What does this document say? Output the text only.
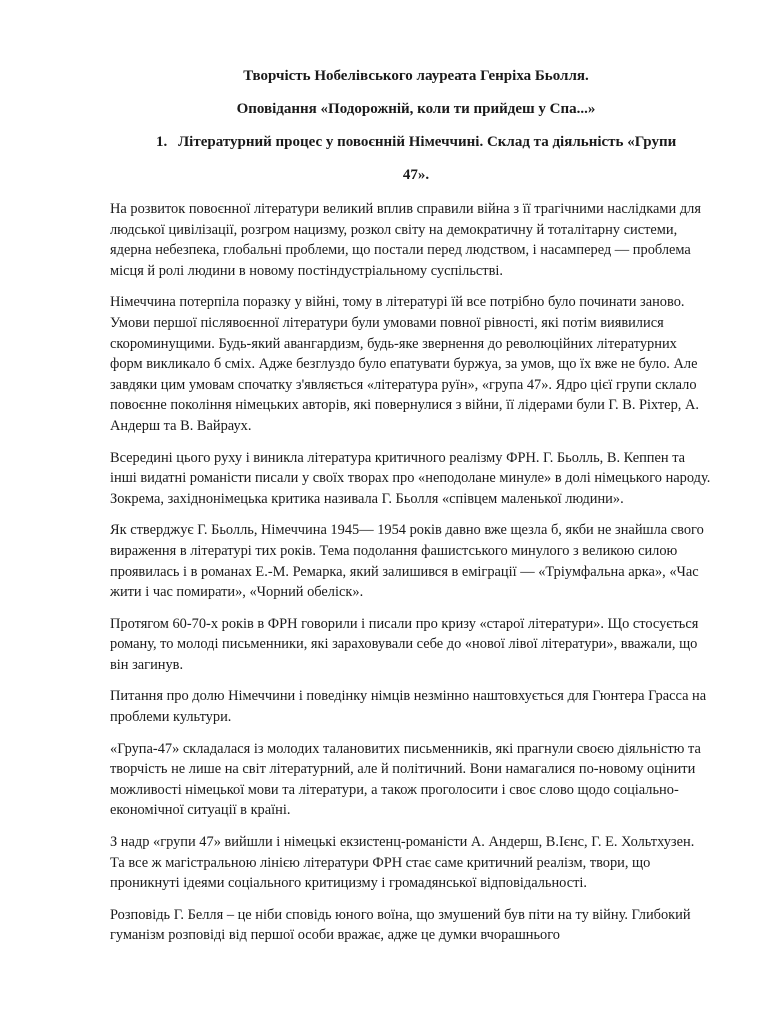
Творчість Нобелівського лауреата Генріха Бьолля.

Оповідання «Подорожній, коли ти прийдеш у Спа...»

1. Літературний процес у повоєнній Німеччині. Склад та діяльність «Групи

47».

На розвиток повоєнної літератури великий вплив справили війна з її трагічними наслідками для людської цивілізації, розгром нацизму, розкол світу на демократичну й тоталітарну системи, ядерна небезпека, глобальні проблеми, що постали перед людством, і насамперед — проблема місця й ролі людини в новому постіндустріальному суспільстві.

Німеччина потерпіла поразку у війні, тому в літературі їй все потрібно було починати заново. Умови першої післявоєнної літератури були умовами повної рівності, які потім виявилися скороминущими. Будь-який авангардизм, будь-яке звернення до революційних літературних форм викликало б сміх. Адже безглуздо було епатувати буржуа, за умов, що їх вже не було. Але завдяки цим умовам спочатку з'являється «література руїн», «група 47». Ядро цієї групи склало повоєнне покоління німецьких авторів, які повернулися з війни, її лідерами були Г. В. Ріхтер, А. Андерш та В. Вайраух.

Всередині цього руху і виникла література критичного реалізму ФРН. Г. Бьолль, В. Кеппен та інші видатні романісти писали у своїх творах про «неподолане минуле» в долі німецького народу. Зокрема, західнонімецька критика називала Г. Бьолля «співцем маленької людини».

Як стверджує Г. Бьолль, Німеччина 1945— 1954 років давно вже щезла б, якби не знайшла свого вираження в літературі тих років. Тема подолання фашистського минулого з великою силою проявилась і в романах Е.-М. Ремарка, який залишився в еміграції — «Тріумфальна арка», «Час жити і час помирати», «Чорний обеліск».

Протягом 60-70-х років в ФРН говорили і писали про кризу «старої літератури». Що стосується роману, то молоді письменники, які зараховували себе до «нової лівої літератури», вважали, що він загинув.

Питання про долю Німеччини і поведінку німців незмінно наштовхується для Гюнтера Грасса на проблеми культури.

«Група-47» складалася із молодих талановитих письменників, які прагнули своєю діяльністю та творчість не лише на світ літературний, але й політичний. Вони намагалися по-новому оцінити можливості німецької мови та літератури, а також проголосити і своє слово щодо соціально-економічної ситуації в країні.

З надр «групи 47» вийшли і німецькі екзистенц-романісти А. Андерш, В.Ієнс, Г. Е. Хольтхузен. Та все ж магістральною лінією літератури ФРН стає саме критичний реалізм, твори, що проникнуті ідеями соціального критицизму і громадянської відповідальності.

Розповідь Г. Белля – це ніби сповідь юного воїна, що змушений був піти на ту війну. Глибокий гуманізм розповіді від першої особи вражає, адже це думки вчорашнього
